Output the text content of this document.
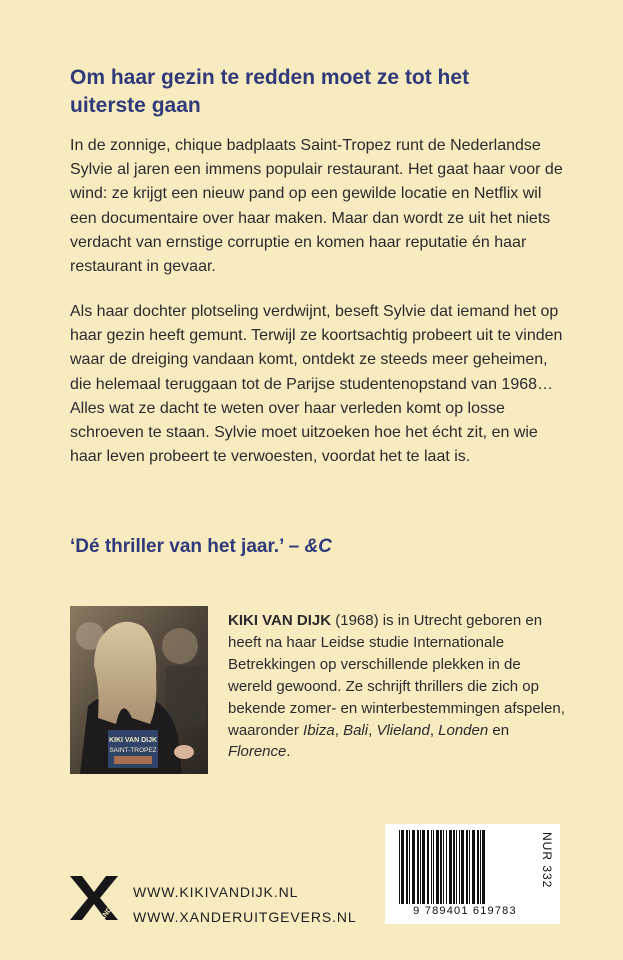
Om haar gezin te redden moet ze tot het uiterste gaan
In de zonnige, chique badplaats Saint-Tropez runt de Nederlandse Sylvie al jaren een immens populair restaurant. Het gaat haar voor de wind: ze krijgt een nieuw pand op een gewilde locatie en Netflix wil een documentaire over haar maken. Maar dan wordt ze uit het niets verdacht van ernstige corruptie en komen haar reputatie én haar restaurant in gevaar.
Als haar dochter plotseling verdwijnt, beseft Sylvie dat iemand het op haar gezin heeft gemunt. Terwijl ze koortsachtig probeert uit te vinden waar de dreiging vandaan komt, ontdekt ze steeds meer geheimen, die helemaal teruggaan tot de Parijse studentenopstand van 1968… Alles wat ze dacht te weten over haar verleden komt op losse schroeven te staan. Sylvie moet uitzoeken hoe het écht zit, en wie haar leven probeert te verwoesten, voordat het te laat is.
‘Dé thriller van het jaar.’ – &C
KIKI VAN DIJK
SAINT-TROPEZ
KIKI VAN DIJK (1968) is in Utrecht geboren en heeft na haar Leidse studie Internationale Betrekkingen op verschillende plekken in de wereld gewoond. Ze schrijft thrillers die zich op bekende zomer- en winterbestemmingen afspelen, waaronder Ibiza, Bali, Vlieland, Londen en Florence.
XANDER
WWW.KIKIVANDIJK.NL
WWW.XANDERUITGEVERS.NL	9 789401 619783
NUR 332
